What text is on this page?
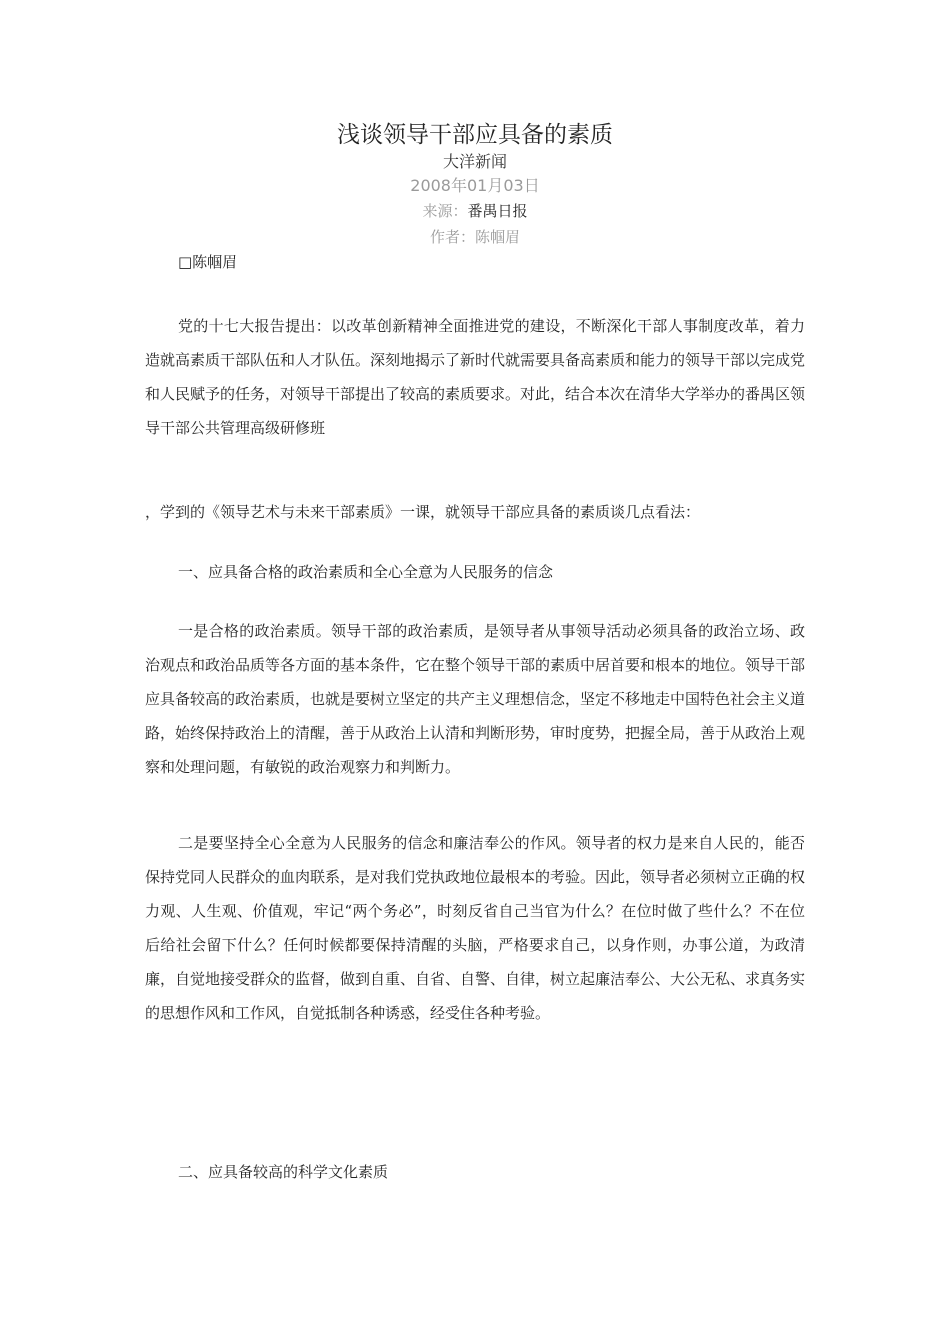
浅谈领导干部应具备的素质
大洋新闻
2008年01月03日
来源：番禺日报
作者：陈帼眉
□陈帼眉
党的十七大报告提出：以改革创新精神全面推进党的建设，不断深化干部人事制度改革，着力造就高素质干部队伍和人才队伍。深刻地揭示了新时代就需要具备高素质和能力的领导干部以完成党和人民赋予的任务，对领导干部提出了较高的素质要求。对此，结合本次在清华大学举办的番禺区领导干部公共管理高级研修班
，学到的《领导艺术与未来干部素质》一课，就领导干部应具备的素质谈几点看法：
一、应具备合格的政治素质和全心全意为人民服务的信念
一是合格的政治素质。领导干部的政治素质，是领导者从事领导活动必须具备的政治立场、政治观点和政治品质等各方面的基本条件，它在整个领导干部的素质中居首要和根本的地位。领导干部应具备较高的政治素质，也就是要树立坚定的共产主义理想信念，坚定不移地走中国特色社会主义道路，始终保持政治上的清醒，善于从政治上认清和判断形势，审时度势，把握全局，善于从政治上观察和处理问题，有敏锐的政治观察力和判断力。
二是要坚持全心全意为人民服务的信念和廉洁奉公的作风。领导者的权力是来自人民的，能否保持党同人民群众的血肉联系，是对我们党执政地位最根本的考验。因此，领导者必须树立正确的权力观、人生观、价值观，牢记“两个务必”，时刻反省自己当官为什么？在位时做了些什么？不在位后给社会留下什么？任何时候都要保持清醒的头脑，严格要求自己，以身作则，办事公道，为政清廉，自觉地接受群众的监督，做到自重、自省、自警、自律，树立起廉洁奉公、大公无私、求真务实的思想作风和工作风，自觉抵制各种诱惑，经受住各种考验。
二、应具备较高的科学文化素质
